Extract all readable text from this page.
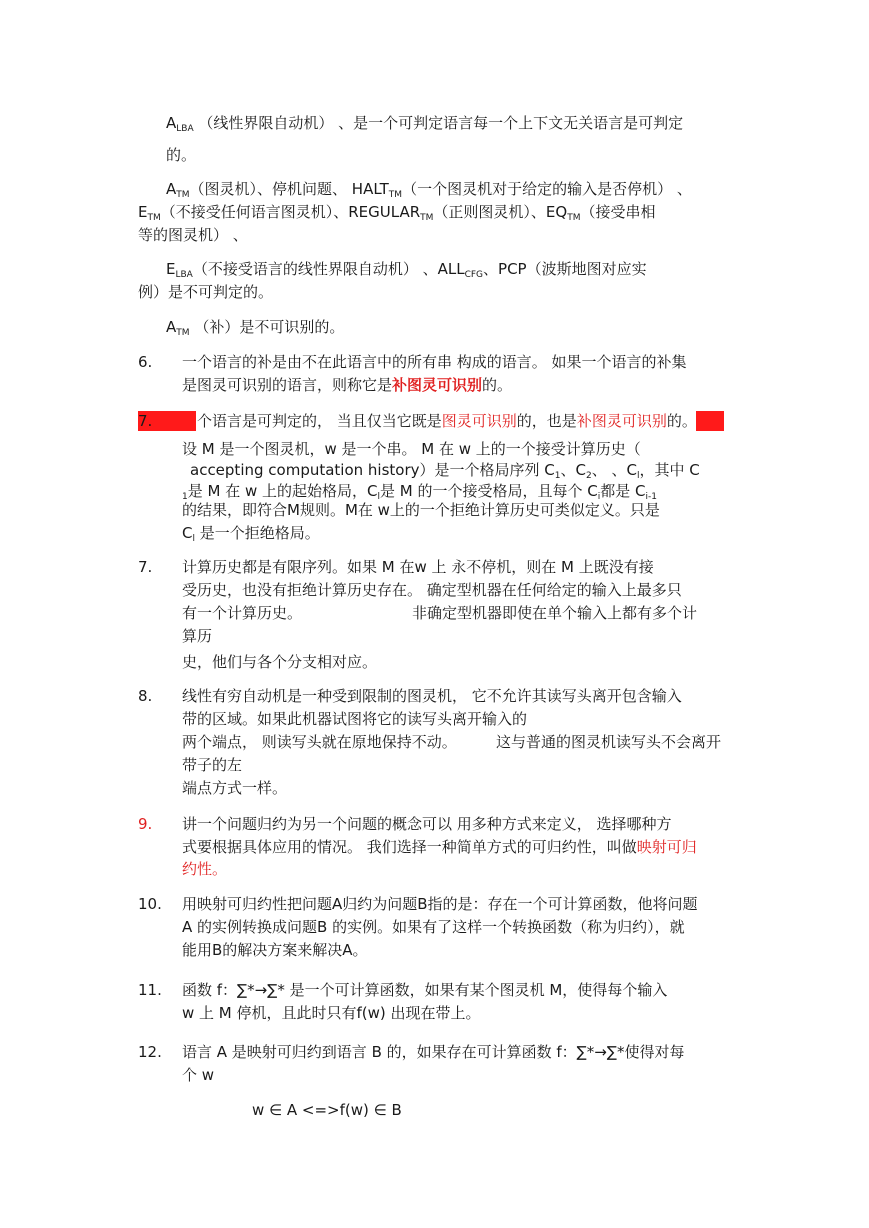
$A_{LBA}$ （线性界限自动机） 、是一个可判定语言每一个上下文无关语言是可判定
的。
$A_{TM}$（图灵机）、停机问题、 $HALT_{TM}$（一个图灵机对于给定的输入是否停机） 、
$E_{TM}$（不接受任何语言图灵机）、$REGULAR_{TM}$（正则图灵机）、$EQ_{TM}$（接受串相
等的图灵机） 、
$E_{LBA}$（不接受语言的线性界限自动机） 、$ALL_{CFG}$、PCP（波斯地图对应实
例）是不可判定的。
$A_{TM}$ （补）是不可识别的。
6. 一个语言的补是由不在此语言中的所有串 构成的语言。 如果一个语言的补集
是图灵可识别的语言，则称它是补图灵可识别的。
7.	个语言是可判定的， 当且仅当它既是图灵可识别的，也是补图灵可识别的。
设 M 是一个图灵机，w 是一个串。 M 在 w 上的一个接受计算历史（
accepting computation history）是一个格局序列 $C_1$、$C_2$、 、$C_l$，其中 C
$_1$是 M 在 w 上的起始格局，$C_l$是 M 的一个接受格局，且每个 $C_i$都是 $C_{i-1}$
的结果，即符合M规则。M在 w上的一个拒绝计算历史可类似定义。只是
$C_l$ 是一个拒绝格局。
7. 计算历史都是有限序列。如果 M 在w 上 永不停机，则在 M 上既没有接
受历史，也没有拒绝计算历史存在。 确定型机器在任何给定的输入上最多只
有一个计算历史。	非确定型机器即使在单个输入上都有多个计
算历
史，他们与各个分支相对应。
8. 线性有穷自动机是一种受到限制的图灵机， 它不允许其读写头离开包含输入
带的区域。如果此机器试图将它的读写头离开输入的
两个端点， 则读写头就在原地保持不动。	这与普通的图灵机读写头不会离开
带子的左
端点方式一样。
9. 讲一个问题归约为另一个问题的概念可以 用多种方式来定义， 选择哪种方
式要根据具体应用的情况。 我们选择一种简单方式的可归约性，叫做映射可归
约性。
10. 用映射可归约性把问题A归约为问题B指的是：存在一个可计算函数，他将问题
A 的实例转换成问题B 的实例。如果有了这样一个转换函数（称为归约），就
能用B的解决方案来解决A。
11. 函数 f：∑*→∑* 是一个可计算函数，如果有某个图灵机 M，使得每个输入
w 上 M 停机，且此时只有f(w) 出现在带上。
12. 语言 A 是映射可归约到语言 B 的，如果存在可计算函数 f：∑*→∑*使得对每
个 w
w ∈ A <=>f(w) ∈ B
